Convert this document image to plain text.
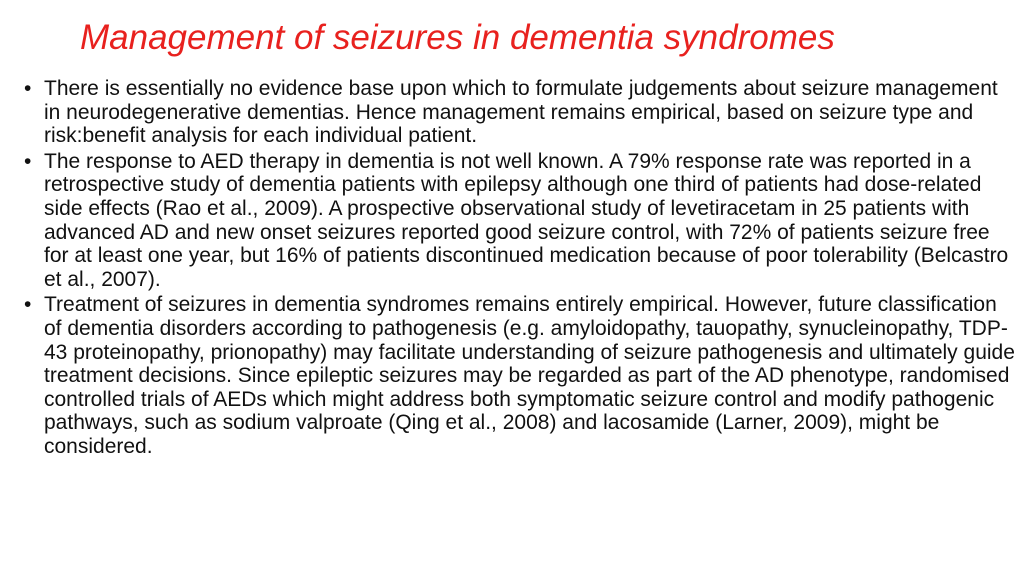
Management of seizures in dementia syndromes
• There is essentially no evidence base upon which to formulate judgements about seizure management in neurodegenerative dementias. Hence management remains empirical, based on seizure type and risk:benefit analysis for each individual patient.
• The response to AED therapy in dementia is not well known. A 79% response rate was reported in a retrospective study of dementia patients with epilepsy although one third of patients had dose-related side effects (Rao et al., 2009). A prospective observational study of levetiracetam in 25 patients with advanced AD and new onset seizures reported good seizure control, with 72% of patients seizure free for at least one year, but 16% of patients discontinued medication because of poor tolerability (Belcastro et al., 2007).
• Treatment of seizures in dementia syndromes remains entirely empirical. However, future classification of dementia disorders according to pathogenesis (e.g. amyloidopathy, tauopathy, synucleinopathy, TDP-43 proteinopathy, prionopathy) may facilitate understanding of seizure pathogenesis and ultimately guide treatment decisions. Since epileptic seizures may be regarded as part of the AD phenotype, randomised controlled trials of AEDs which might address both symptomatic seizure control and modify pathogenic pathways, such as sodium valproate (Qing et al., 2008) and lacosamide (Larner, 2009), might be considered.
